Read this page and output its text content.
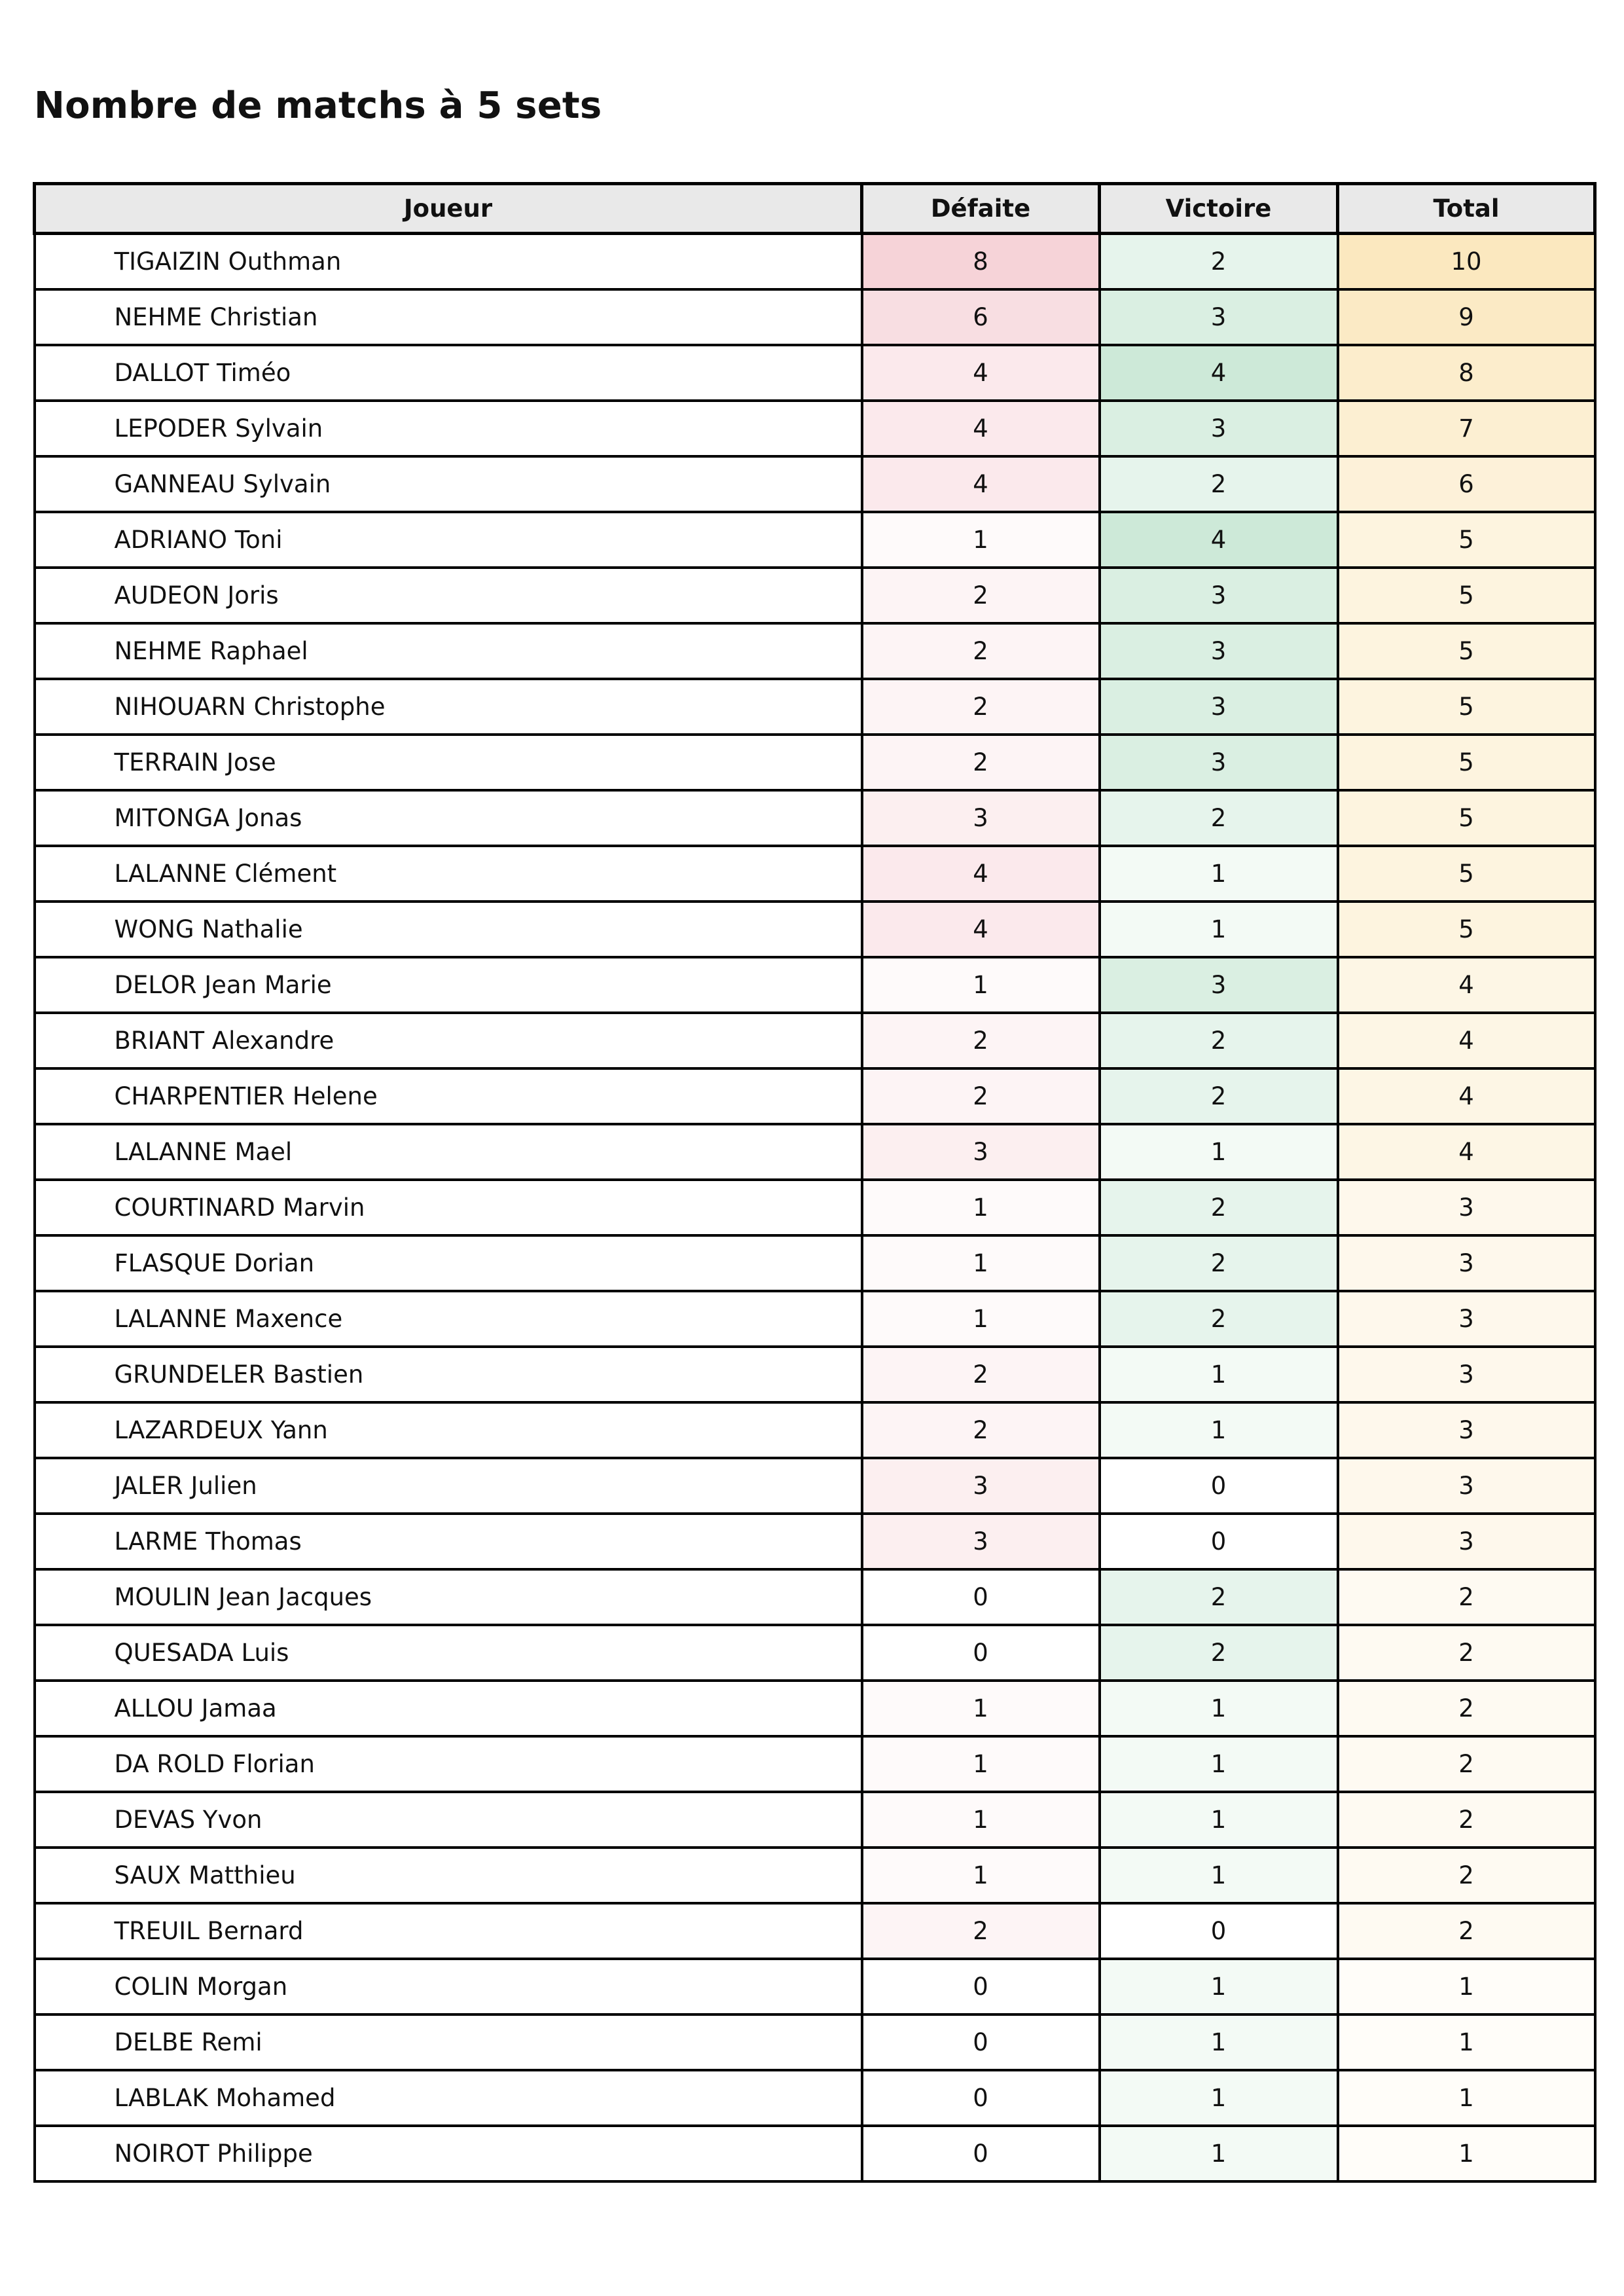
Nombre de matchs à 5 sets
Joueur	Défaite	Victoire	Total
TIGAIZIN Outhman	8	2	10
NEHME Christian	6	3	9
DALLOT Timéo	4	4	8
LEPODER Sylvain	4	3	7
GANNEAU Sylvain	4	2	6
ADRIANO Toni	1	4	5
AUDEON Joris	2	3	5
NEHME Raphael	2	3	5
NIHOUARN Christophe	2	3	5
TERRAIN Jose	2	3	5
MITONGA Jonas	3	2	5
LALANNE Clément	4	1	5
WONG Nathalie	4	1	5
DELOR Jean Marie	1	3	4
BRIANT Alexandre	2	2	4
CHARPENTIER Helene	2	2	4
LALANNE Mael	3	1	4
COURTINARD Marvin	1	2	3
FLASQUE Dorian	1	2	3
LALANNE Maxence	1	2	3
GRUNDELER Bastien	2	1	3
LAZARDEUX Yann	2	1	3
JALER Julien	3	0	3
LARME Thomas	3	0	3
MOULIN Jean Jacques	0	2	2
QUESADA Luis	0	2	2
ALLOU Jamaa	1	1	2
DA ROLD Florian	1	1	2
DEVAS Yvon	1	1	2
SAUX Matthieu	1	1	2
TREUIL Bernard	2	0	2
COLIN Morgan	0	1	1
DELBE Remi	0	1	1
LABLAK Mohamed	0	1	1
NOIROT Philippe	0	1	1
